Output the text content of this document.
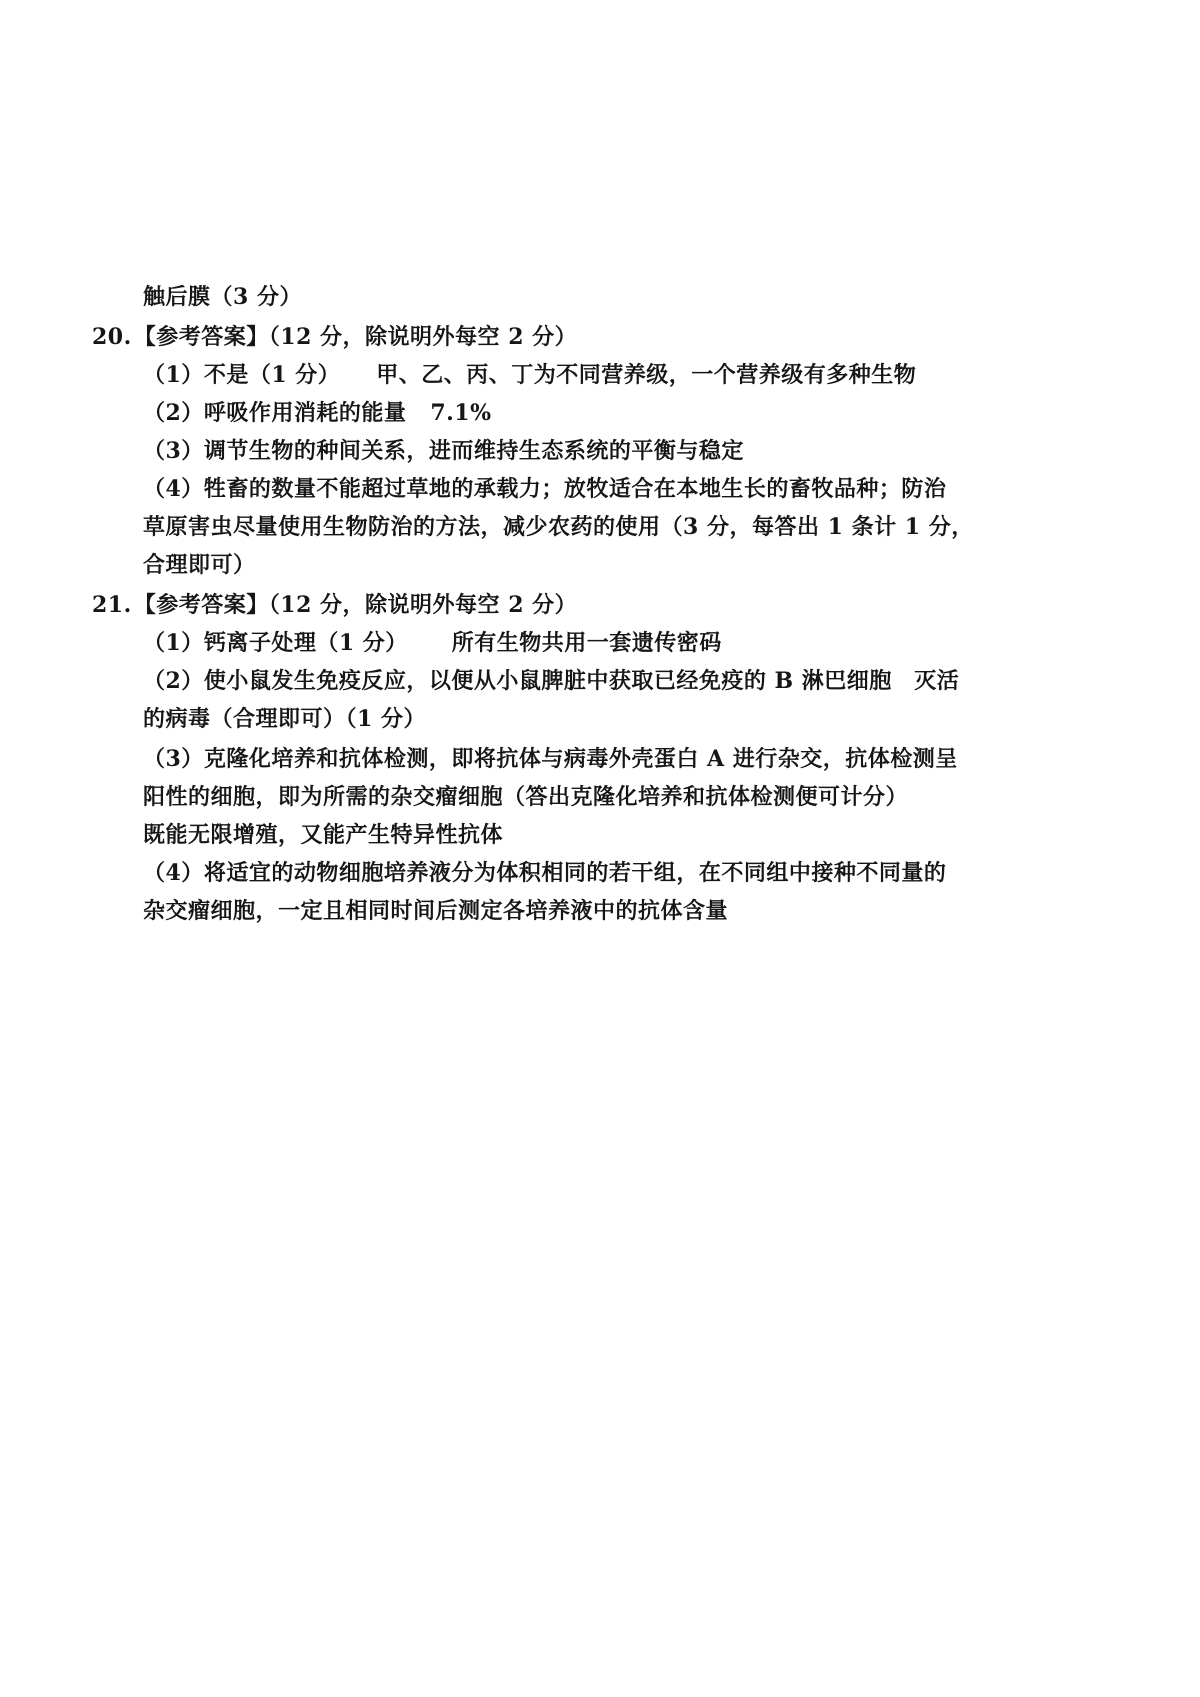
触后膜（3 分）
20.【参考答案】（12 分，除说明外每空 2 分）
（1）不是（1 分） 甲、乙、丙、丁为不同营养级，一个营养级有多种生物
（2）呼吸作用消耗的能量 7.1%
（3）调节生物的种间关系，进而维持生态系统的平衡与稳定
（4）牲畜的数量不能超过草地的承载力；放牧适合在本地生长的畜牧品种；防治
草原害虫尽量使用生物防治的方法，减少农药的使用（3 分，每答出 1 条计 1 分，
合理即可）
21.【参考答案】（12 分，除说明外每空 2 分）
（1）钙离子处理（1 分） 所有生物共用一套遗传密码
（2）使小鼠发生免疫反应，以便从小鼠脾脏中获取已经免疫的 B 淋巴细胞　灭活
的病毒（合理即可）（1 分）
（3）克隆化培养和抗体检测，即将抗体与病毒外壳蛋白 A 进行杂交，抗体检测呈
阳性的细胞，即为所需的杂交瘤细胞（答出克隆化培养和抗体检测便可计分）
既能无限增殖，又能产生特异性抗体
（4）将适宜的动物细胞培养液分为体积相同的若干组，在不同组中接种不同量的
杂交瘤细胞，一定且相同时间后测定各培养液中的抗体含量
